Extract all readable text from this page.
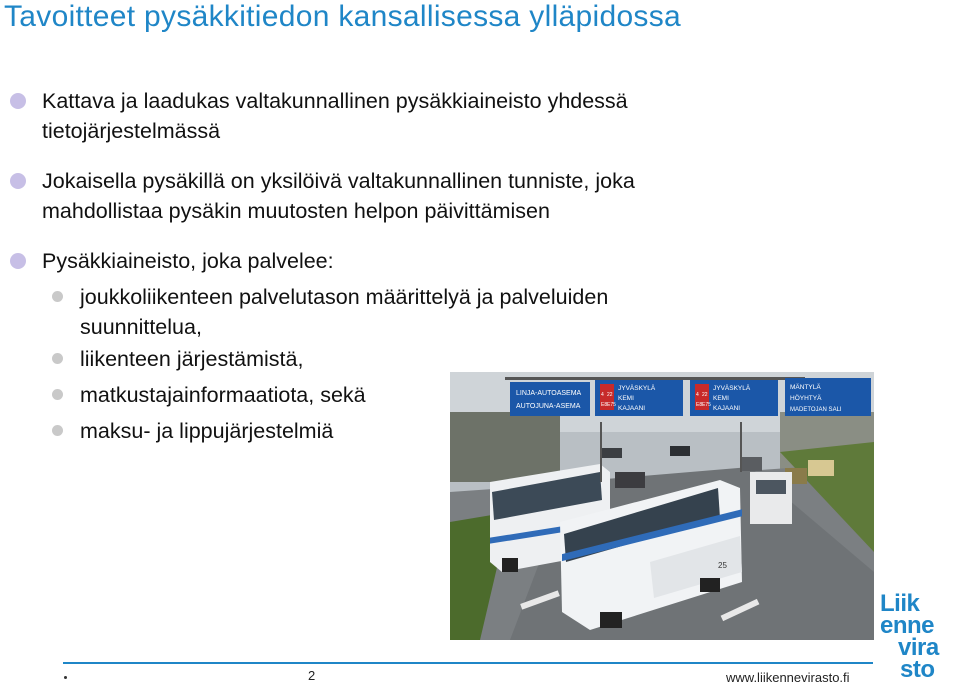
Tavoitteet pysäkkitiedon kansallisessa ylläpidossa
Kattava ja laadukas valtakunnallinen pysäkkiaineisto yhdessä
tietojärjestelmässä
Jokaisella pysäkillä on yksilöivä valtakunnallinen tunniste, joka
mahdollistaa pysäkin muutosten helpon päivittämisen
Pysäkkiaineisto, joka palvelee:
joukkoliikenteen palvelutason määrittelyä ja palveluiden
suunnittelua,
liikenteen järjestämistä,
matkustajainformaatiota, sekä
maksu- ja lippujärjestelmiä
LINJA-AUTOASEMA
AUTOJUNA-ASEMA
JYVÄSKYLÄ
KEMI
KAJAANI
4 22
E8 E75
JYVÄSKYLÄ
KEMI
KAJAANI
4 22
E8 E75
MÄNTYLÄ
HÖYHTYÄ
MADETOJAN SALI
25
2	www.liikennevirasto.fi
Liik
enne
vira
sto
